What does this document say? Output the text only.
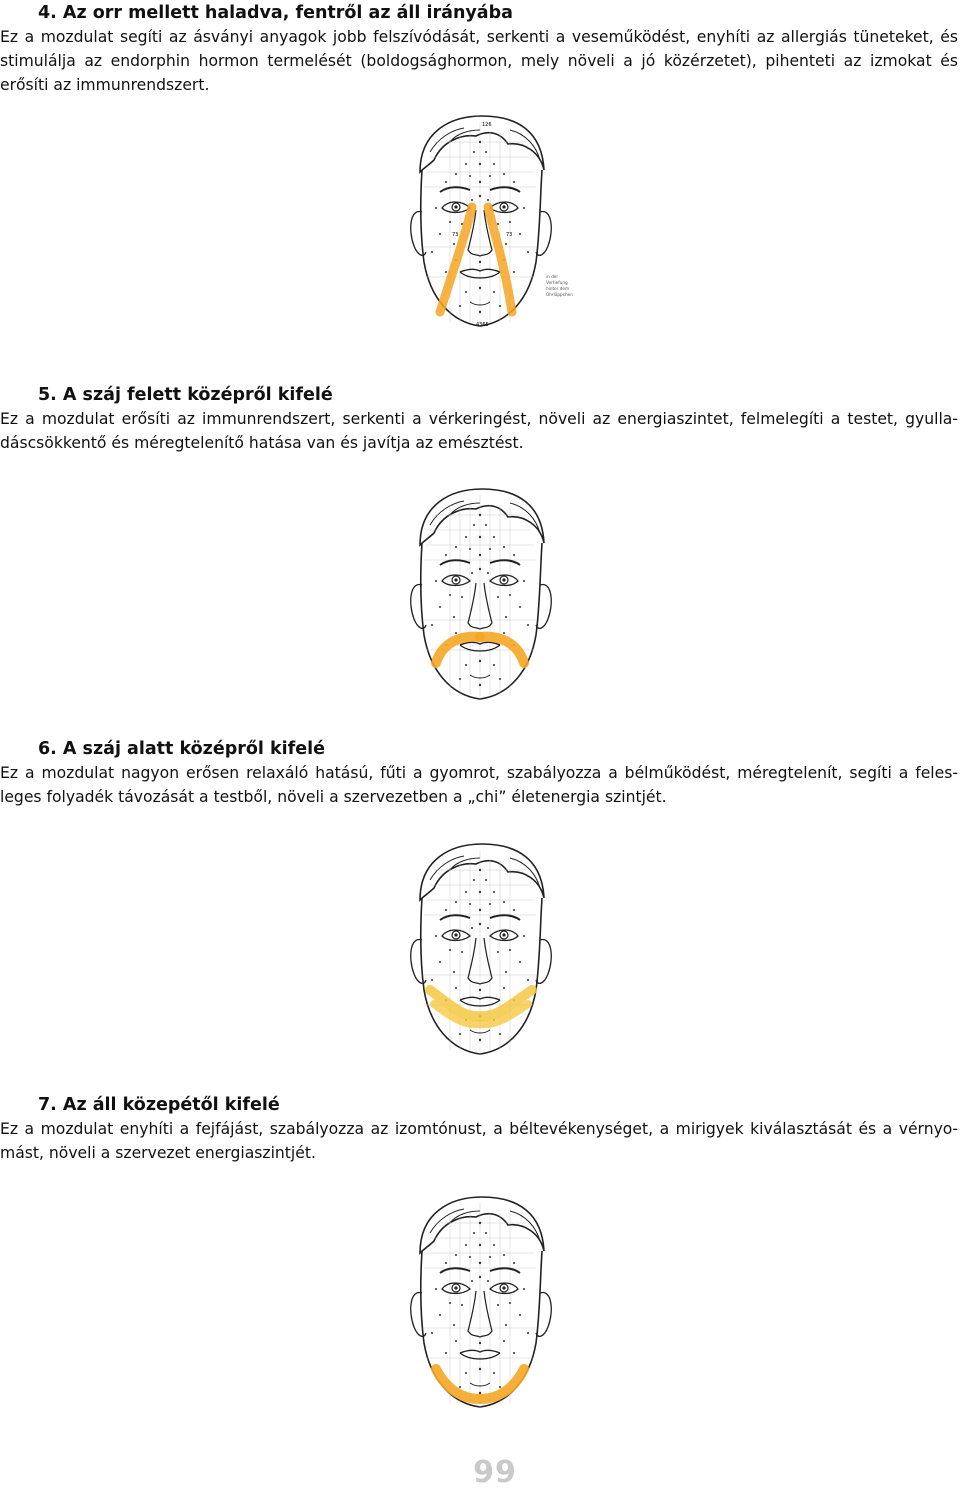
4. Az orr mellett haladva, fentről az áll irányába

Ez a mozdulat segíti az ásványi anyagok jobb felszívódását, serkenti a veseműködést, enyhíti az allergiás tüneteket, és stimulálja az endorphin hormon termelését (boldogsághormon, mely növeli a jó közérzetet), pihenteti az izmokat és erősíti az immunrendszert.

126
73	73
4365
in der
Vertiefung
hinter dem
Ohrläppchen
5. A száj felett középről kifelé

Ez a mozdulat erősíti az immunrendszert, serkenti a vérkeringést, növeli az energiaszintet, felmelegíti a testet, gyulladáscsökkentő és méregtelenítő hatása van és javítja az emésztést.

6. A száj alatt középről kifelé

Ez a mozdulat nagyon erősen relaxáló hatású, fűti a gyomrot, szabályozza a bélműködést, méregtelenít, segíti a felesleges folyadék távozását a testből, növeli a szervezetben a „chi” életenergia szintjét.

7. Az áll közepétől kifelé

Ez a mozdulat enyhíti a fejfájást, szabályozza az izomtónust, a béltevékenységet, a mirigyek kiválasztását és a vérnyomást, növeli a szervezet energiaszintjét.

99
